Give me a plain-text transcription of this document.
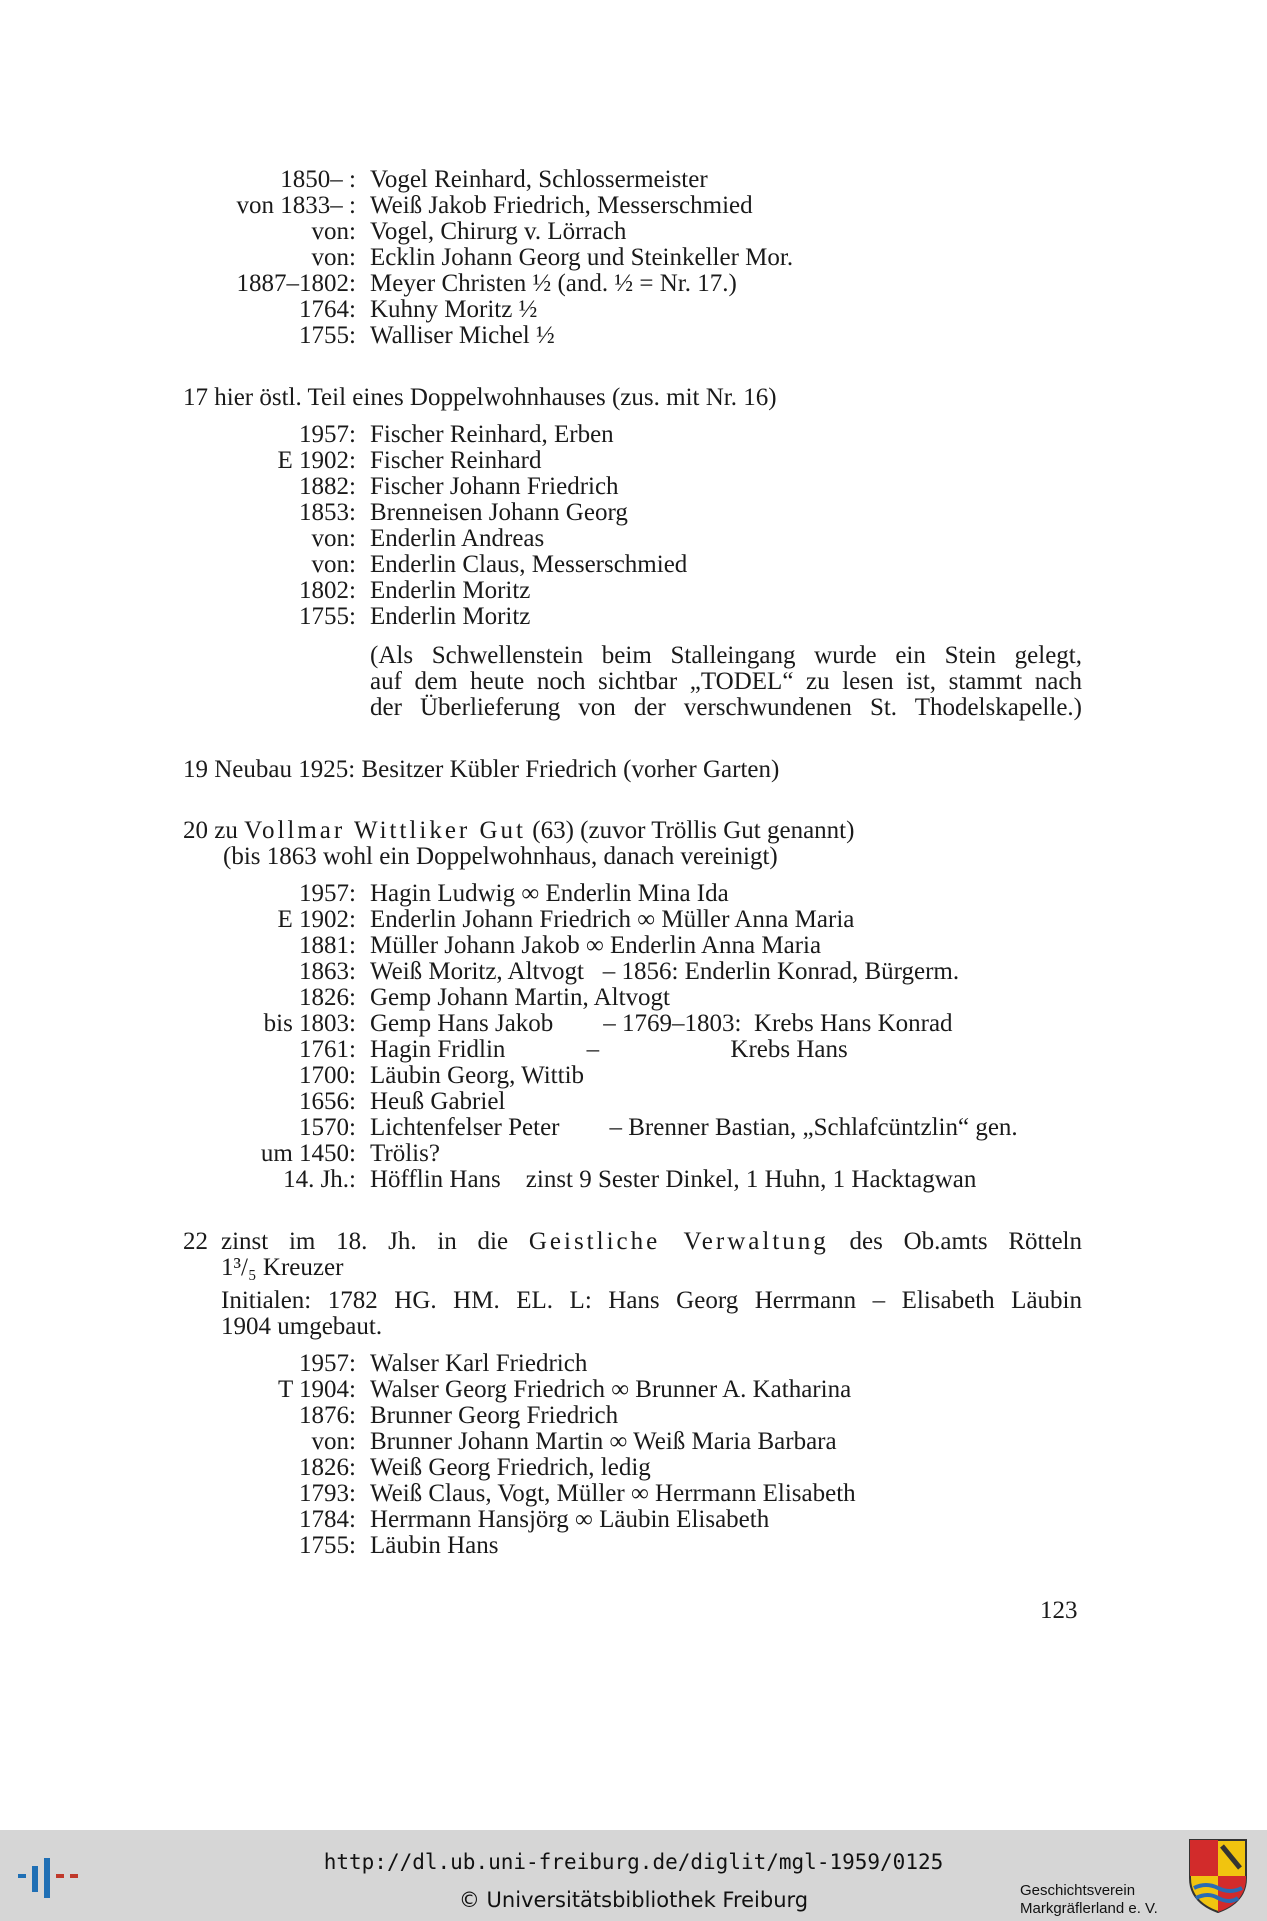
1850– : Vogel Reinhard, Schlossermeister
von 1833– : Weiß Jakob Friedrich, Messerschmied
von: Vogel, Chirurg v. Lörrach
von: Ecklin Johann Georg und Steinkeller Mor.
1887–1802: Meyer Christen ½ (and. ½ = Nr. 17.)
1764: Kuhny Moritz ½
1755: Walliser Michel ½
17 hier östl. Teil eines Doppelwohnhauses (zus. mit Nr. 16)
1957: Fischer Reinhard, Erben
E 1902: Fischer Reinhard
1882: Fischer Johann Friedrich
1853: Brenneisen Johann Georg
von: Enderlin Andreas
von: Enderlin Claus, Messerschmied
1802: Enderlin Moritz
1755: Enderlin Moritz
(Als Schwellenstein beim Stalleingang wurde ein Stein gelegt,
auf dem heute noch sichtbar „TODEL“ zu lesen ist, stammt nach
der Überlieferung von der verschwundenen St. Thodelskapelle.)
19 Neubau 1925: Besitzer Kübler Friedrich (vorher Garten)
20 zu Vollmar Wittliker Gut (63) (zuvor Tröllis Gut genannt)
(bis 1863 wohl ein Doppelwohnhaus, danach vereinigt)
1957: Hagin Ludwig ∞ Enderlin Mina Ida
E 1902: Enderlin Johann Friedrich ∞ Müller Anna Maria
1881: Müller Johann Jakob ∞ Enderlin Anna Maria
1863: Weiß Moritz, Altvogt   – 1856: Enderlin Konrad, Bürgerm.
1826: Gemp Johann Martin, Altvogt
bis 1803: Gemp Hans Jakob        – 1769–1803:  Krebs Hans Konrad
1761: Hagin Fridlin             –                     Krebs Hans
1700: Läubin Georg, Wittib
1656: Heuß Gabriel
1570: Lichtenfelser Peter        – Brenner Bastian, „Schlafcüntzlin“ gen.
um 1450: Trölis?
14. Jh.: Höfflin Hans    zinst 9 Sester Dinkel, 1 Huhn, 1 Hacktagwan
22 zinst im 18. Jh. in die Geistliche Verwaltung des Ob.amts Rötteln
1³/₅ Kreuzer
Initialen: 1782 HG. HM. EL. L: Hans Georg Herrmann – Elisabeth Läubin
1904 umgebaut.
1957: Walser Karl Friedrich
T 1904: Walser Georg Friedrich ∞ Brunner A. Katharina
1876: Brunner Georg Friedrich
von: Brunner Johann Martin ∞ Weiß Maria Barbara
1826: Weiß Georg Friedrich, ledig
1793: Weiß Claus, Vogt, Müller ∞ Herrmann Elisabeth
1784: Herrmann Hansjörg ∞ Läubin Elisabeth
1755: Läubin Hans
123
http://dl.ub.uni-freiburg.de/diglit/mgl-1959/0125
© Universitätsbibliothek Freiburg	Geschichtsverein
Markgräflerland e. V.
